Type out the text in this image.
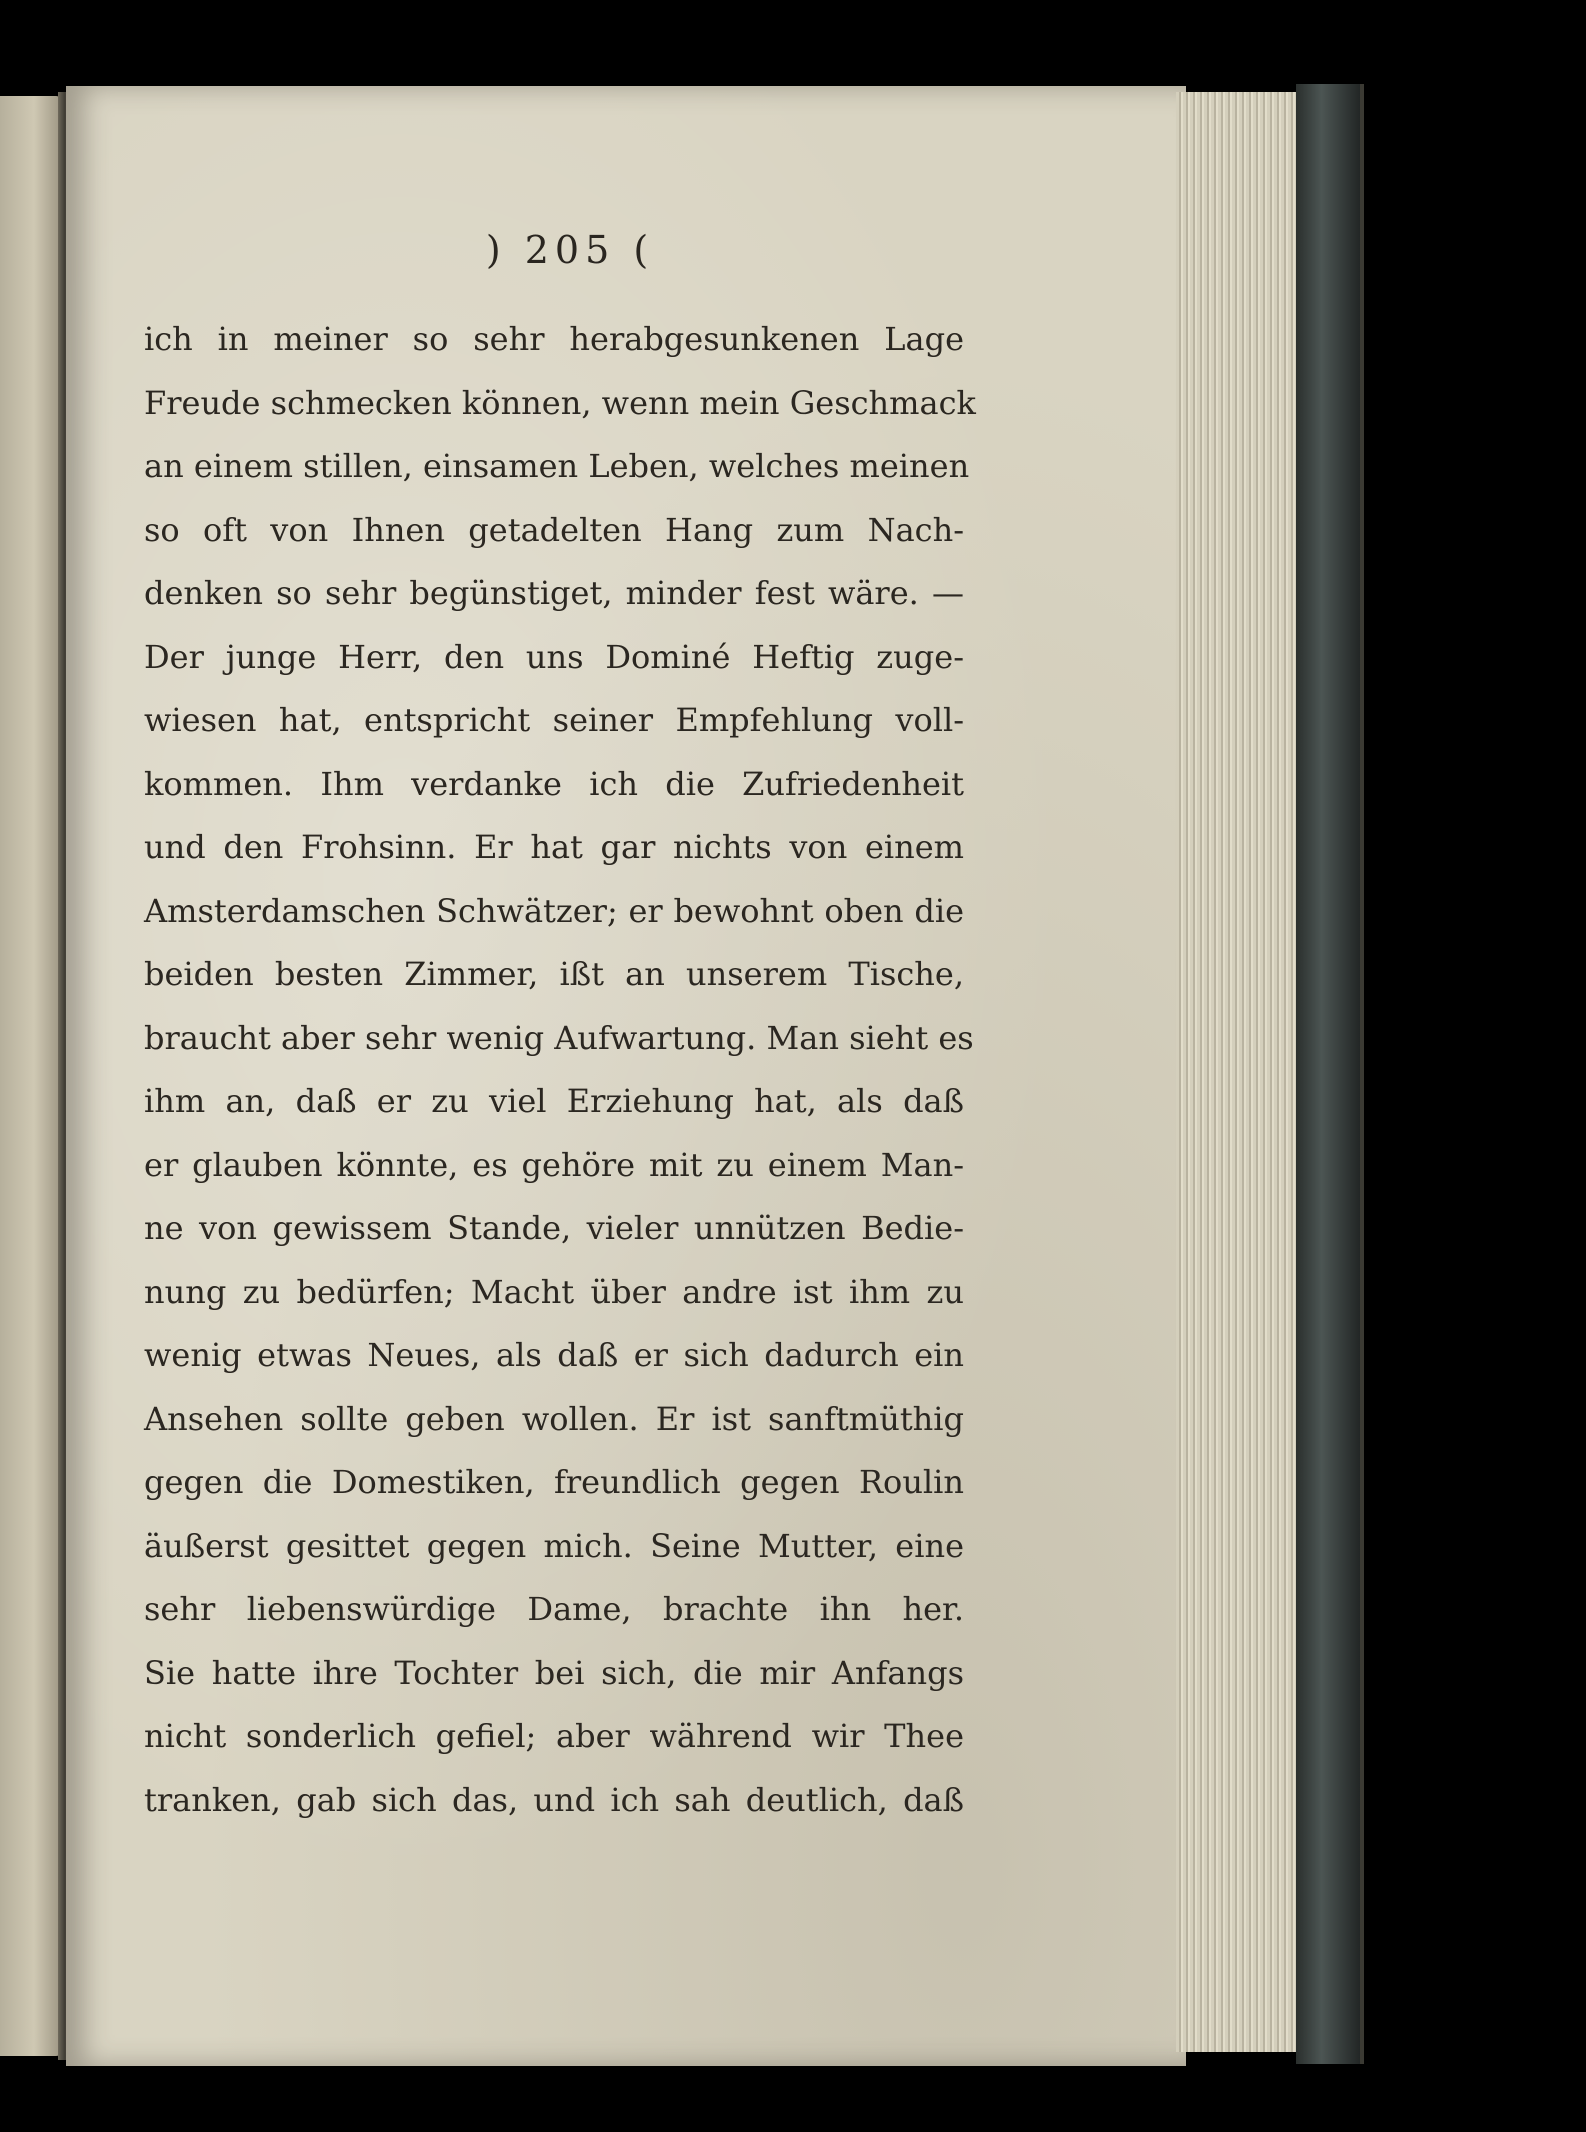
) 205 (
ich in meiner so sehr herabgesunkenen Lage
Freude schmecken können, wenn mein Geschmack
an einem stillen, einsamen Leben, welches meinen
so oft von Ihnen getadelten Hang zum Nach-
denken so sehr begünstiget, minder fest wäre. —
Der junge Herr, den uns Dominé Heftig zuge-
wiesen hat, entspricht seiner Empfehlung voll-
kommen. Ihm verdanke ich die Zufriedenheit
und den Frohsinn. Er hat gar nichts von einem
Amsterdamschen Schwätzer; er bewohnt oben die
beiden besten Zimmer, ißt an unserem Tische,
braucht aber sehr wenig Aufwartung. Man sieht es
ihm an, daß er zu viel Erziehung hat, als daß
er glauben könnte, es gehöre mit zu einem Man-
ne von gewissem Stande, vieler unnützen Bedie-
nung zu bedürfen; Macht über andre ist ihm zu
wenig etwas Neues, als daß er sich dadurch ein
Ansehen sollte geben wollen. Er ist sanftmüthig
gegen die Domestiken, freundlich gegen Roulin
äußerst gesittet gegen mich. Seine Mutter, eine
sehr liebenswürdige Dame, brachte ihn her.
Sie hatte ihre Tochter bei sich, die mir Anfangs
nicht sonderlich gefiel; aber während wir Thee
tranken, gab sich das, und ich sah deutlich, daß
